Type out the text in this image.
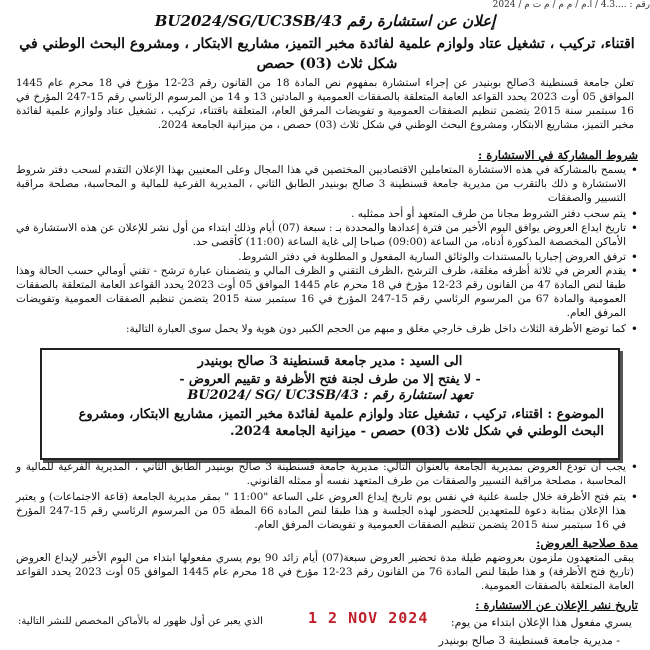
رقم : ....4.3 / أ.م / م م / م ت م / 2024
إعلان عن استشارة رقم BU2024/SG/UC3SB/43
اقتناء، تركيب ، تشغيل عتاد ولوازم علمية لفائدة مخبر التميز، مشاريع الابتكار ، ومشروع البحث الوطني في شكل ثلاث (03) حصص
تعلن جامعة قسنطينة 3صالح بوبنيدر عن إجراء استشارة بمفهوم نص المادة 18 من القانون رقم 23-12 مؤرخ في 18 محرم عام 1445 الموافق 05 أوت 2023 يحدد القواعد العامة المتعلقة بالصفقات العمومية و المادتين 13 و 14 من المرسوم الرئاسي رقم 15-247 المؤرخ في 16 سبتمبر سنة 2015 يتضمن تنظيم الصفقات العمومية و تفويضات المرفق العام، المتعلقة باقتناء، تركيب ، تشغيل عتاد ولوازم علمية لفائدة مخبر التميز، مشاريع الابتكار، ومشروع البحث الوطني في شكل ثلاث (03) حصص ، من ميزانية الجامعة 2024.
شروط المشاركة في الاستشارة :
• يسمح بالمشاركة في هذه الاستشارة المتعاملين الاقتصاديين المختصين في هذا المجال وعلى المعنيين بهذا الإعلان التقدم لسحب دفتر شروط الاستشارة و ذلك بالتقرب من مديرية جامعة قسنطينة 3 صالح بوبنيدر الطابق الثاني ، المديرية الفرعية للمالية و المحاسبة، مصلحة مراقبة التسيير والصفقات
• يتم سحب دفتر الشروط مجانا من طرف المتعهد أو أحد ممثليه .
• تاريخ ايداع العروض يوافق اليوم الأخير من فترة إعدادها والمحددة بـ : سبعة (07) أيام وذلك ابتداء من أول نشر للإعلان عن هذه الاستشارة في الأماكن المخصصة المذكورة أدناه، من الساعة (09:00) صباحا إلى غاية الساعة (11:00) كأقصى حد.
• ترفق العروض إجباريا بالمستندات والوثائق السارية المفعول و المطلوبة في دفتر الشروط.
• يقدم العرض في ثلاثة أظرفه مغلقة، ظرف الترشح ،الظرف التقني و الظرف المالي و يتضمنان عبارة ترشح - تقني أومالي حسب الحالة وهذا طبقا لنص المادة 47 من القانون رقم 23-12 مؤرخ في 18 محرم عام 1445 الموافق 05 أوت 2023 يحدد القواعد العامة المتعلقة بالصفقات العمومية والمادة 67 من المرسوم الرئاسي رقم 15-247 المؤرخ في 16 سبتمبر سنة 2015 يتضمن تنظيم الصفقات العمومية وتفويضات المرفق العام.
• كما توضع الأظرفة الثلاث داخل ظرف خارجي مغلق و مبهم من الحجم الكبير دون هوية ولا يحمل سوى العبارة التالية:
الى السيد : مدير جامعة قسنطينة 3 صالح بوبنيدر
- لا يفتح إلا من طرف لجنة فتح الأظرفة و تقييم العروض -
تعهد استشارة رقم : BU2024/ SG/ UC3SB/43
الموضوع : اقتناء، تركيب ، تشغيل عتاد ولوازم علمية لفائدة مخبر التميز، مشاريع الابتكار، ومشروع البحث الوطني في شكل ثلاث (03) حصص - ميزانية الجامعة 2024.
• يجب أن تودع العروض بمديرية الجامعة بالعنوان التالي: مديرية جامعة قسنطينة 3 صالح بوبنيدر الطابق الثاني ، المديرية الفرعية للمالية و المحاسبة ، مصلحة مراقبة التسيير والصفقات من طرف المتعهد نفسه أو ممثله القانوني.
• يتم فتح الأظرفة خلال جلسة علنية في نفس يوم تاريخ إيداع العروض على الساعة "11:00 " بمقر مديرية الجامعة (قاعة الاجتماعات) و يعتبر هذا الإعلان بمثابة دعوة للمتعهدين للحضور لهذه الجلسة و هذا طبقا لنص المادة 66 المطة 05 من المرسوم الرئاسي رقم 15-247 المؤرخ في 16 سبتمبر سنة 2015 يتضمن تنظيم الصفقات العمومية و تفويضات المرفق العام.
مدة صلاحية العروض:
يبقى المتعهدون ملزمون بعروضهم طيلة مدة تحضير العروض سبعة(07) أيام زائد 90 يوم يسري مفعولها ابتداء من اليوم الأخير لإيداع العروض (تاريخ فتح الأظرفة) و هذا طبقا لنص المادة 76 من القانون رقم 23-12 مؤرخ في 18 محرم عام 1445 الموافق 05 أوت 2023 يحدد القواعد العامة المتعلقة بالصفقات العمومية.
تاريخ نشر الإعلان عن الاستشارة :
يسري مفعول هذا الإعلان ابتداء من يوم:
الذي يعبر عن أول ظهور له بالأماكن المخصص للنشر التالية:	1 2 NOV 2024
- مديرية جامعة قسنطينة 3 صالح بوبنيدر
